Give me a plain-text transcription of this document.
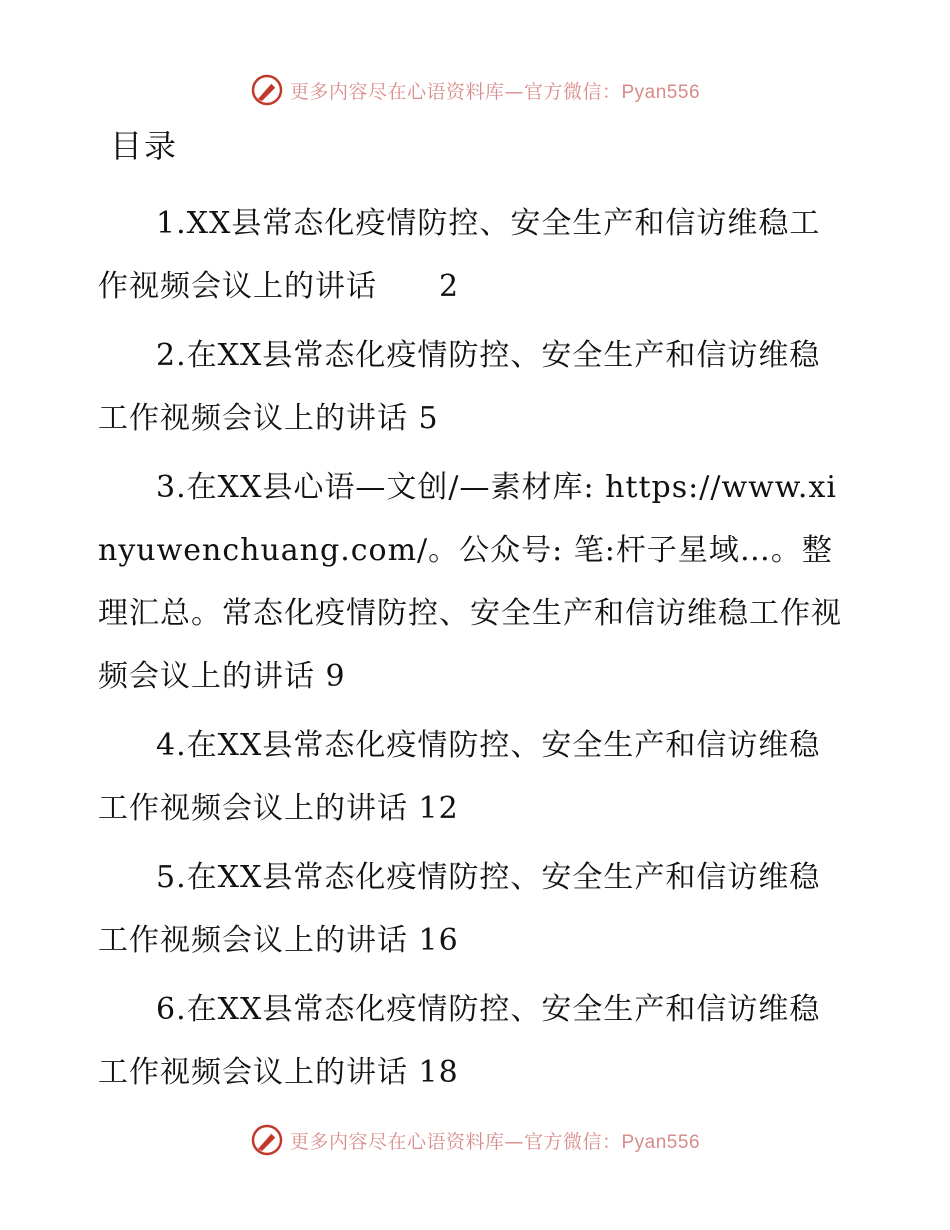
更多内容尽在心语资料库—官方微信：Pyan556
目录
1.XX县常态化疫情防控、安全生产和信访维稳工作视频会议上的讲话　　2
2.在XX县常态化疫情防控、安全生产和信访维稳工作视频会议上的讲话 5
3.在XX县心语—文创/—素材库: https://www.xinyuwenchuang.com/。公众号: 笔:杆子星域…。整理汇总。常态化疫情防控、安全生产和信访维稳工作视频会议上的讲话 9
4.在XX县常态化疫情防控、安全生产和信访维稳工作视频会议上的讲话 12
5.在XX县常态化疫情防控、安全生产和信访维稳工作视频会议上的讲话 16
6.在XX县常态化疫情防控、安全生产和信访维稳工作视频会议上的讲话 18
更多内容尽在心语资料库—官方微信：Pyan556
